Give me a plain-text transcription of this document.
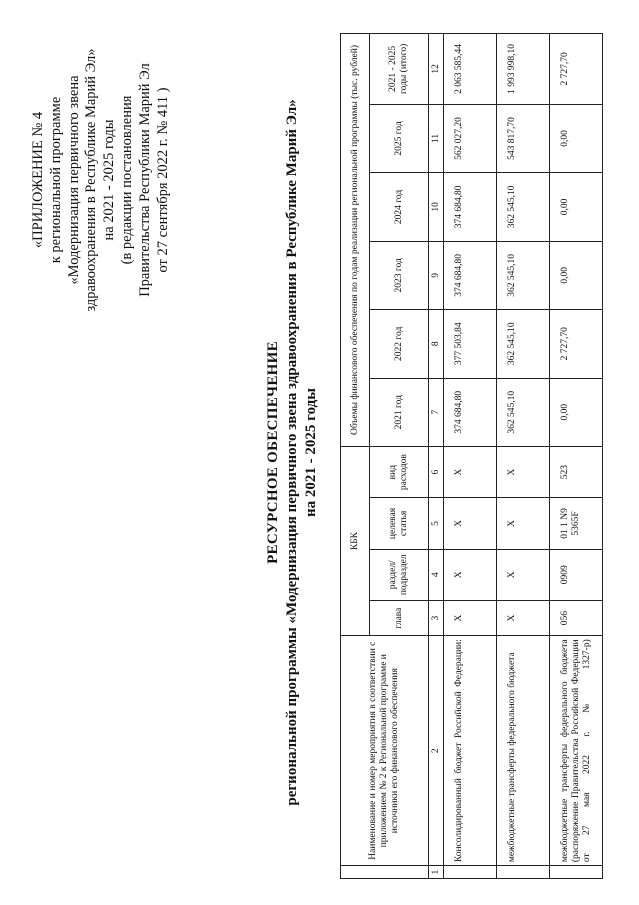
«ПРИЛОЖЕНИЕ № 4 к региональной программе «Модернизация первичного звена здравоохранения в Республике Марий Эл» на 2021 - 2025 годы (в редакции постановления Правительства Республики Марий Эл от 27 сентября 2022 г. № 411 )
РЕСУРСНОЕ ОБЕСПЕЧЕНИЕ региональной программы «Модернизация первичного звена здравоохранения в Республике Марий Эл» на 2021 - 2025 годы
	Наименование и номер мероприятия в соответствии с приложением № 2 к Региональной программе и источники его финансового обеспечения	КБК				Объемы финансового обеспечения по годам реализации региональной программы (тыс. рублей)					
		глава	раздел/ подраздел	целевая статья	вид расходов	2021 год	2022 год	2023 год	2024 год	2025 год	2021 - 2025 годы (итого)
1	2	3	4	5	6	7	8	9	10	11	12

	Консолидированный бюджет Российской Федерации:	X	X	X	X	374 684,80	377 503,84	374 684,80	374 684,80	562 027,20	2 063 585,44
	межбюджетные трансферты федерального бюджета	X	X	X	X	362 545,10	362 545,10	362 545,10	362 545,10	543 817,70	1 993 998,10

	межбюджетные трансферты федерального бюджета (распоряжение Правительства Российской Федерации от 27 мая 2022 г. № 1327-р)	056	0909	01 1 N9 5365F	523	0,00	2 727,70	0,00	0,00	0,00	2 727,70
